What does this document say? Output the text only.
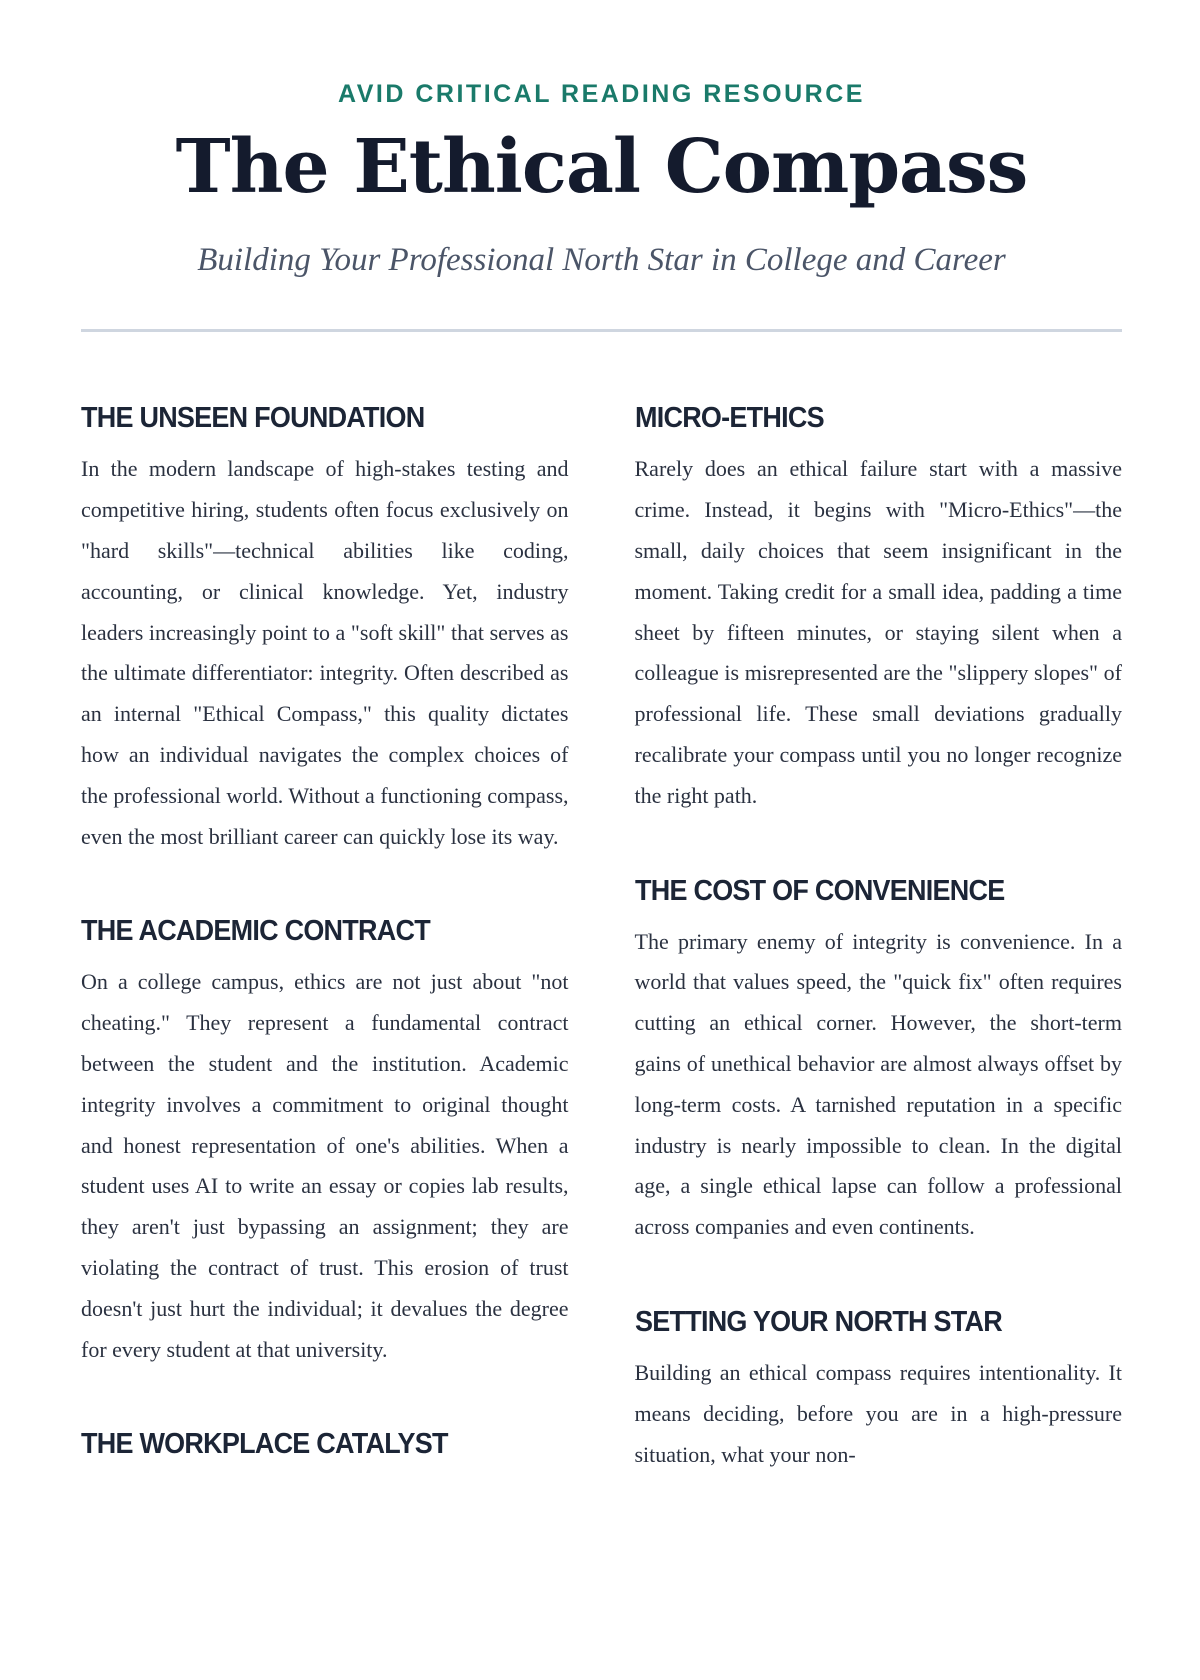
AVID CRITICAL READING RESOURCE
The Ethical Compass
Building Your Professional North Star in College and Career
THE UNSEEN FOUNDATION

In the modern landscape of high-stakes testing and competitive hiring, students often focus exclusively on "hard skills"—technical abilities like coding, accounting, or clinical knowledge. Yet, industry leaders increasingly point to a "soft skill" that serves as the ultimate differentiator: integrity. Often described as an internal "Ethical Compass," this quality dictates how an individual navigates the complex choices of the professional world. Without a functioning compass, even the most brilliant career can quickly lose its way.

THE ACADEMIC CONTRACT

On a college campus, ethics are not just about "not cheating." They represent a fundamental contract between the student and the institution. Academic integrity involves a commitment to original thought and honest representation of one's abilities. When a student uses AI to write an essay or copies lab results, they aren't just bypassing an assignment; they are violating the contract of trust. This erosion of trust doesn't just hurt the individual; it devalues the degree for every student at that university.

THE WORKPLACE CATALYST
MICRO-ETHICS

Rarely does an ethical failure start with a massive crime. Instead, it begins with "Micro-Ethics"—the small, daily choices that seem insignificant in the moment. Taking credit for a small idea, padding a time sheet by fifteen minutes, or staying silent when a colleague is misrepresented are the "slippery slopes" of professional life. These small deviations gradually recalibrate your compass until you no longer recognize the right path.

THE COST OF CONVENIENCE

The primary enemy of integrity is convenience. In a world that values speed, the "quick fix" often requires cutting an ethical corner. However, the short-term gains of unethical behavior are almost always offset by long-term costs. A tarnished reputation in a specific industry is nearly impossible to clean. In the digital age, a single ethical lapse can follow a professional across companies and even continents.

SETTING YOUR NORTH STAR

Building an ethical compass requires intentionality. It means deciding, before you are in a high-pressure situation, what your non-
